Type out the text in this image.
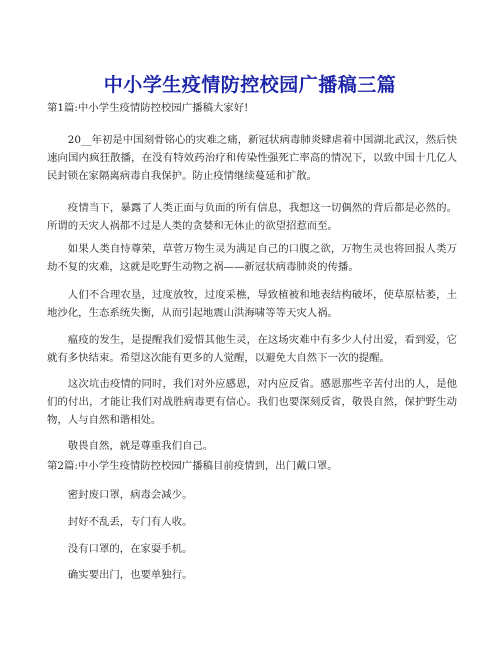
中小学生疫情防控校园广播稿三篇

第1篇:中小学生疫情防控校园广播稿大家好!

20__年初是中国刻骨铭心的灾难之痛，新冠状病毒肺炎肆虐着中国湖北武汉，然后快速向国内疯狂散播，在没有特效药治疗和传染性强死亡率高的情况下，以致中国十几亿人民封锁在家隔离病毒自我保护。防止疫情继续蔓延和扩散。

疫情当下，暴露了人类正面与负面的所有信息，我想这一切偶然的背后都是必然的。所谓的天灾人祸都不过是人类的贪婪和无休止的欲望招惹而至。

如果人类自恃尊荣，草菅万物生灵为满足自己的口腹之欲，万物生灵也将回报人类万劫不复的灾难，这就是吃野生动物之祸——新冠状病毒肺炎的传播。

人们不合理农垦，过度放牧，过度采樵，导致植被和地表结构破坏，使草原枯萎，土地沙化，生态系统失衡，从而引起地震山洪海啸等等天灾人祸。

瘟疫的发生，是提醒我们爱惜其他生灵，在这场灾难中有多少人付出爱，看到爱，它就有多快结束。希望这次能有更多的人觉醒，以避免大自然下一次的提醒。

这次坑击疫情的同时，我们对外应感恩，对内应反省。感恩那些辛苦付出的人，是他们的付出，才能让我们对战胜病毒更有信心。我们也要深刻反省，敬畏自然，保护野生动物，人与自然和谐相处。

敬畏自然，就是尊重我们自己。

第2篇:中小学生疫情防控校园广播稿目前疫情到，出门戴口罩。

密封废口罩，病毒会减少。

封好不乱丢，专门有人收。

没有口罩的，在家耍手机。

确实要出门，也要单独行。
